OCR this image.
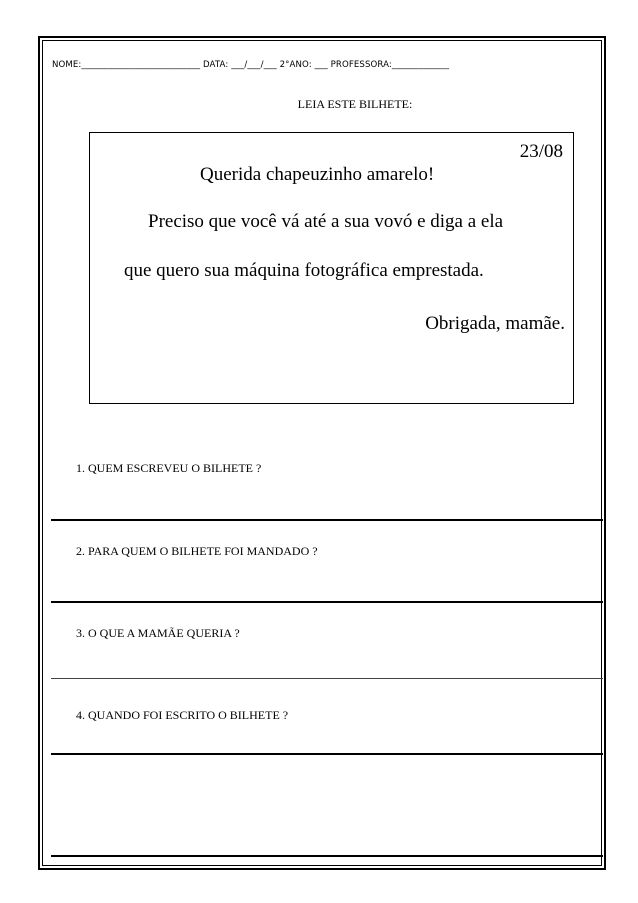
NOME:___________________________ DATA: ___/___/___ 2°ANO: ___ PROFESSORA:_____________
LEIA ESTE BILHETE:
23/08
Querida chapeuzinho amarelo!
Preciso que você vá até a sua vovó e diga a ela
que quero sua máquina fotográfica emprestada.
Obrigada, mamãe.
1. QUEM ESCREVEU O BILHETE ?
2. PARA QUEM O BILHETE FOI MANDADO ?
3. O QUE A MAMÃE QUERIA ?
4. QUANDO FOI ESCRITO O BILHETE ?
